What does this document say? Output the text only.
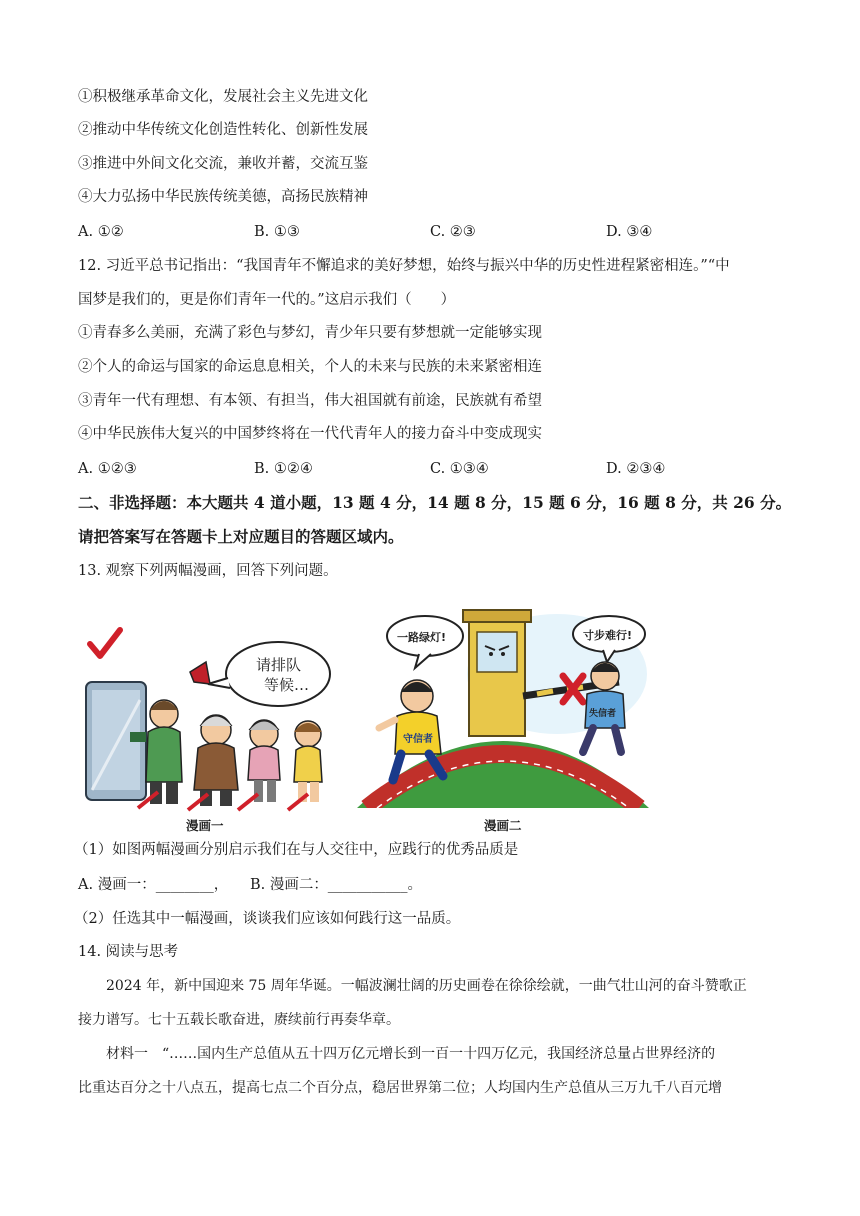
①积极继承革命文化，发展社会主义先进文化
②推动中华传统文化创造性转化、创新性发展
③推进中外间文化交流，兼收并蓄，交流互鉴
④大力弘扬中华民族传统美德，高扬民族精神
A. ①②	B. ①③	C. ②③	D. ③④
12. 习近平总书记指出：“我国青年不懈追求的美好梦想，始终与振兴中华的历史性进程紧密相连。”“中
国梦是我们的，更是你们青年一代的。”这启示我们（　　）
①青春多么美丽，充满了彩色与梦幻，青少年只要有梦想就一定能够实现
②个人的命运与国家的命运息息相关，个人的未来与民族的未来紧密相连
③青年一代有理想、有本领、有担当，伟大祖国就有前途，民族就有希望
④中华民族伟大复兴的中国梦终将在一代代青年人的接力奋斗中变成现实
A. ①②③	B. ①②④	C. ①③④	D. ②③④
二、非选择题：本大题共 4 道小题，13 题 4 分，14 题 8 分，15 题 6 分，16 题 8 分，共 26 分。
请把答案写在答题卡上对应题目的答题区域内。
13. 观察下列两幅漫画，回答下列问题。
请排队
等候…
漫画一
一路绿灯!	寸步难行!
守信者
失信者
漫画二
（1）如图两幅漫画分别启示我们在与人交往中，应践行的优秀品质是
A. 漫画一：________，　　B. 漫画二：___________。
（2）任选其中一幅漫画，谈谈我们应该如何践行这一品质。
14. 阅读与思考
2024 年，新中国迎来 75 周年华诞。一幅波澜壮阔的历史画卷在徐徐绘就，一曲气壮山河的奋斗赞歌正
接力谱写。七十五载长歌奋进，赓续前行再奏华章。
材料一　“……国内生产总值从五十四万亿元增长到一百一十四万亿元，我国经济总量占世界经济的
比重达百分之十八点五，提高七点二个百分点，稳居世界第二位；人均国内生产总值从三万九千八百元增
